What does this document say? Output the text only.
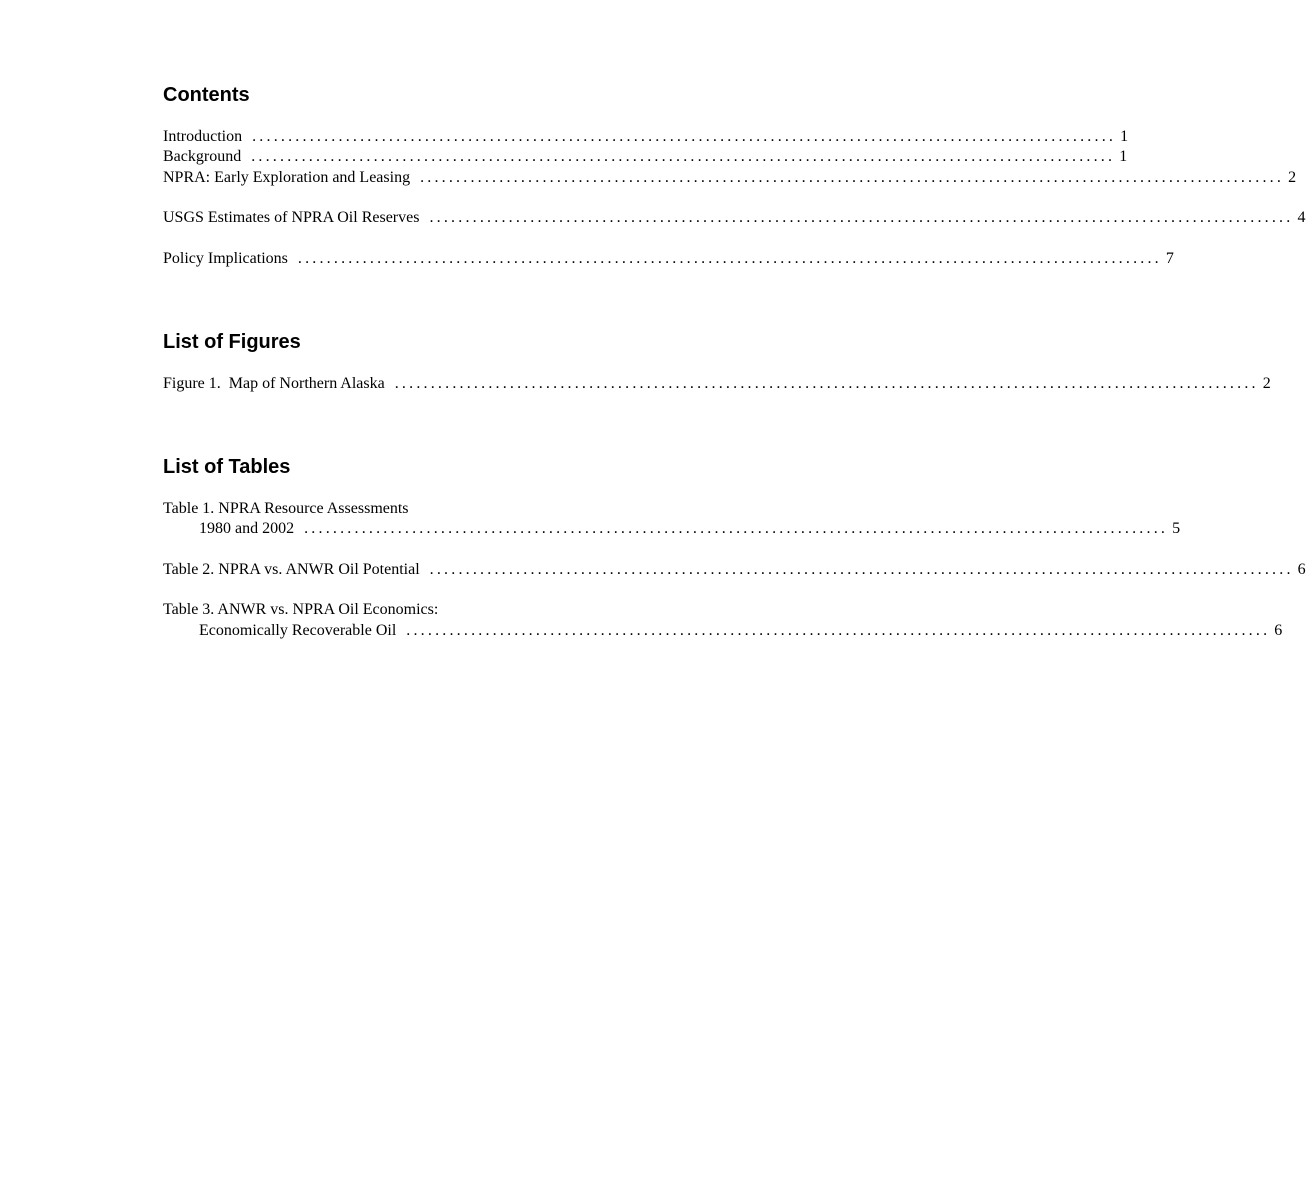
Contents
Introduction ........................................................................................................................ 1
Background ........................................................................................................................ 1
NPRA: Early Exploration and Leasing ........................................................................................................................ 2
USGS Estimates of NPRA Oil Reserves ........................................................................................................................ 4
Policy Implications ........................................................................................................................ 7
List of Figures
Figure 1.  Map of Northern Alaska ........................................................................................................................ 2
List of Tables
Table 1. NPRA Resource Assessments
1980 and 2002 ........................................................................................................................ 5
Table 2. NPRA vs. ANWR Oil Potential ........................................................................................................................ 6
Table 3. ANWR vs. NPRA Oil Economics:
Economically Recoverable Oil ........................................................................................................................ 6
